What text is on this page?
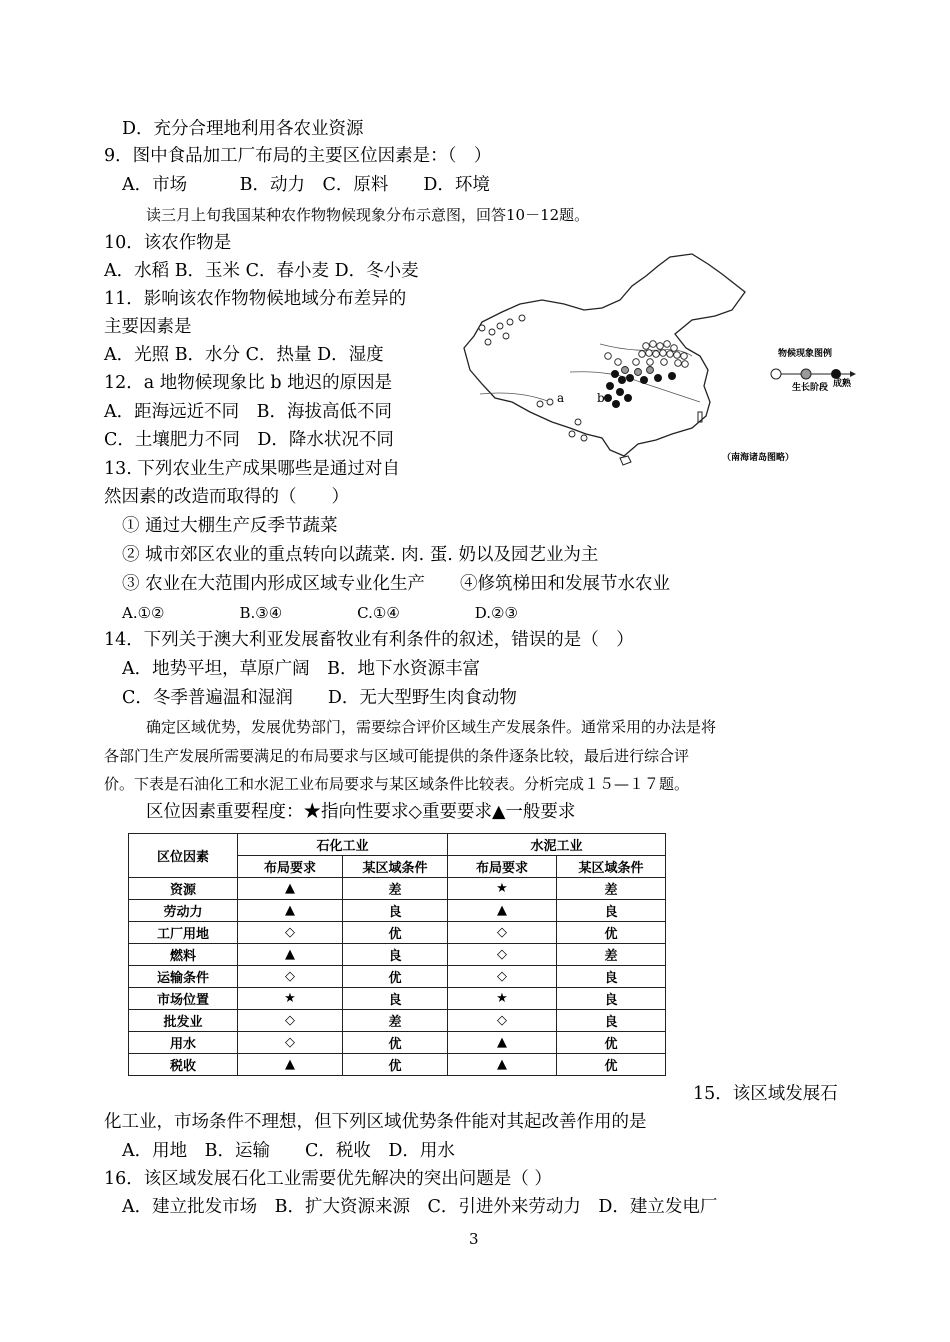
D．充分合理地利用各农业资源
9．图中食品加工厂布局的主要区位因素是：（　）
A．市场　　　B．动力　C．原料　　D．环境
读三月上旬我国某种农作物物候现象分布示意图，回答10－12题。
10．该农作物是
A．水稻 B．玉米 C．春小麦 D．冬小麦
11．影响该农作物物候地域分布差异的
主要因素是
A．光照 B．水分 C．热量 D．湿度
12．a 地物候现象比 b 地迟的原因是
A．距海远近不同　B．海拔高低不同
C．土壤肥力不同　D．降水状况不同
13. 下列农业生产成果哪些是通过对自
然因素的改造而取得的（　　）
① 通过大棚生产反季节蔬菜
② 城市郊区农业的重点转向以蔬菜. 肉. 蛋. 奶以及园艺业为主
③ 农业在大范围内形成区域专业化生产　　④修筑梯田和发展节水农业
A.①②　　　　　B.③④　　　　　C.①④　　　　　D.②③
14．下列关于澳大利亚发展畜牧业有利条件的叙述，错误的是（　）
A．地势平坦，草原广阔　B．地下水资源丰富
C．冬季普遍温和湿润　　D．无大型野生肉食动物
确定区域优势，发展优势部门，需要综合评价区域生产发展条件。通常采用的办法是将
各部门生产发展所需要满足的布局要求与区域可能提供的条件逐条比较，最后进行综合评
价。下表是石油化工和水泥工业布局要求与某区域条件比较表。分析完成１５—１７题。
区位因素重要程度：★指向性要求◇重要要求▲一般要求
a	b
物候现象图例
生长阶段 成熟
（南海诸岛图略）
区位因素	石化工业		水泥工业	
	布局要求	某区域条件	布局要求	某区域条件
资源	▲	差	★	差
劳动力	▲	良	▲	良
工厂用地	◇	优	◇	优
燃料	▲	良	◇	差
运输条件	◇	优	◇	良
市场位置	★	良	★	良
批发业	◇	差	◇	良
用水	◇	优	▲	优
税收	▲	优	▲	优
15．该区域发展石
化工业，市场条件不理想，但下列区域优势条件能对其起改善作用的是
A．用地　B．运输　　C．税收　D．用水
16．该区域发展石化工业需要优先解决的突出问题是（ ）
A．建立批发市场　B．扩大资源来源　C．引进外来劳动力　D．建立发电厂
3
